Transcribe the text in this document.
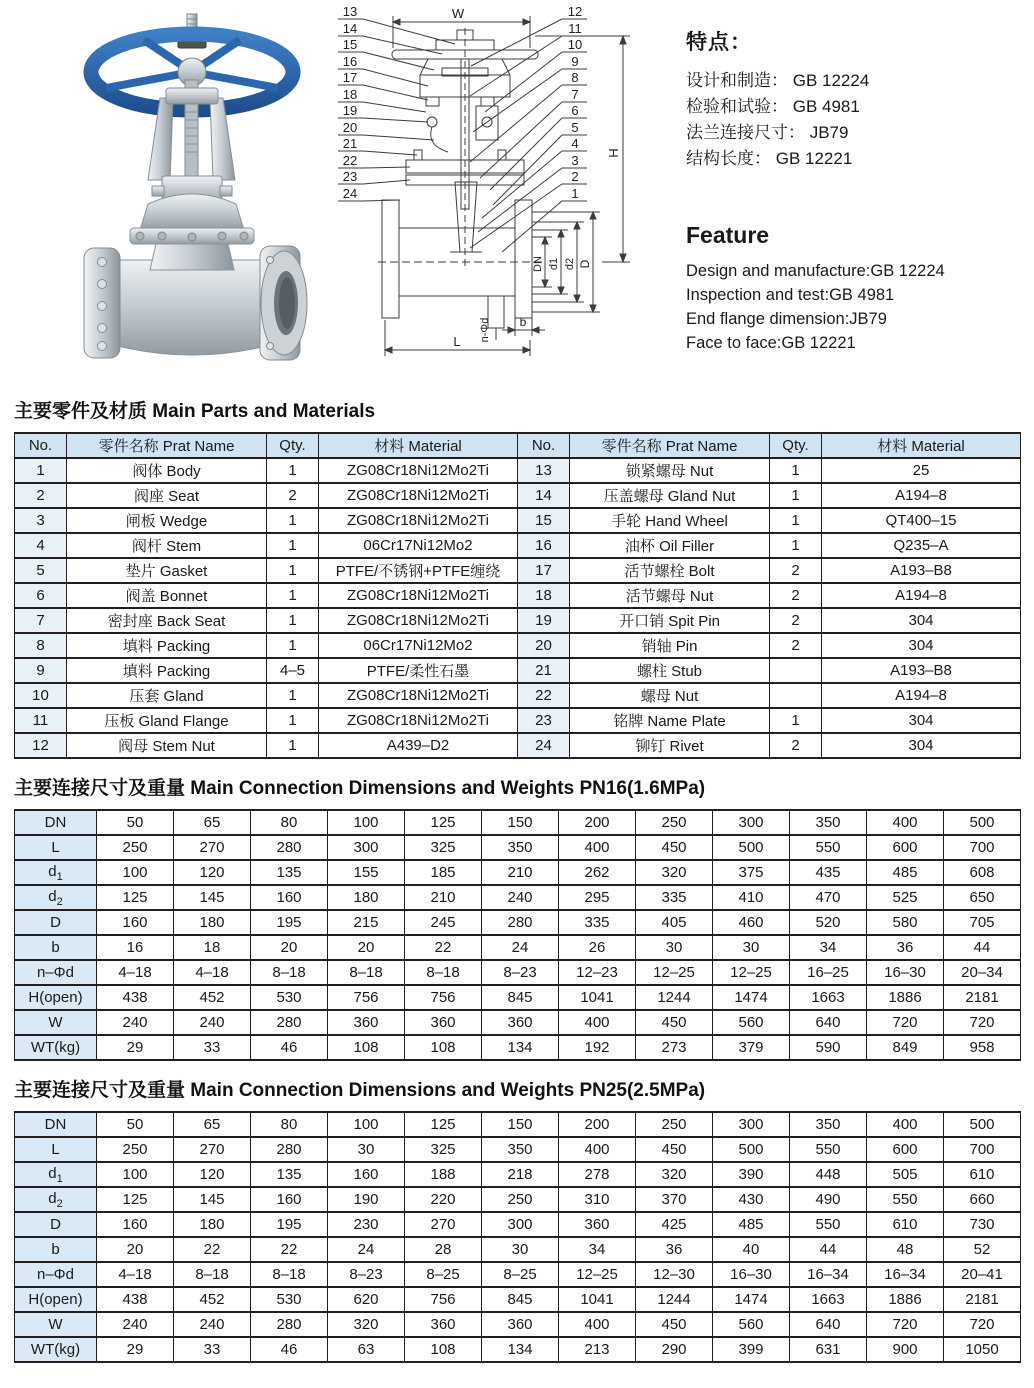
13
14
15
16
17
18
19
20
21
22
23
24
12
11
10
9
8
7
6
5
4
3
2
1
W
H
DN d1 d2 D
n-Φd b
L
特点：
设计和制造： GB 12224
检验和试验： GB 4981
法兰连接尺寸： JB79
结构长度： GB 12221
Feature
Design and manufacture:GB 12224
Inspection and test:GB 4981
End flange dimension:JB79
Face to face:GB 12221
主要零件及材质 Main Parts and Materials
No.	零件名称 Prat Name	Qty.	材料 Material	No.	零件名称 Prat Name	Qty.	材料 Material
1	阀体 Body	1	ZG08Cr18Ni12Mo2Ti	13	锁紧螺母 Nut	1	25
2	阀座 Seat	2	ZG08Cr18Ni12Mo2Ti	14	压盖螺母 Gland Nut	1	A194–8
3	闸板 Wedge	1	ZG08Cr18Ni12Mo2Ti	15	手轮 Hand Wheel	1	QT400–15
4	阀杆 Stem	1	06Cr17Ni12Mo2	16	油杯 Oil Filler	1	Q235–A
5	垫片 Gasket	1	PTFE/不锈钢+PTFE缠绕	17	活节螺栓 Bolt	2	A193–B8
6	阀盖 Bonnet	1	ZG08Cr18Ni12Mo2Ti	18	活节螺母 Nut	2	A194–8
7	密封座 Back Seat	1	ZG08Cr18Ni12Mo2Ti	19	开口销 Spit Pin	2	304
8	填料 Packing	1	06Cr17Ni12Mo2	20	销轴 Pin	2	304
9	填料 Packing	4–5	PTFE/柔性石墨	21	螺柱 Stub		A193–B8
10	压套 Gland	1	ZG08Cr18Ni12Mo2Ti	22	螺母 Nut		A194–8
11	压板 Gland Flange	1	ZG08Cr18Ni12Mo2Ti	23	铭牌 Name Plate	1	304
12	阀母 Stem Nut	1	A439–D2	24	铆钉 Rivet	2	304
主要连接尺寸及重量 Main Connection Dimensions and Weights PN16(1.6MPa)
DN	50	65	80	100	125	150	200	250	300	350	400	500
L	250	270	280	300	325	350	400	450	500	550	600	700
$d_1$	100	120	135	155	185	210	262	320	375	435	485	608
$d_2$	125	145	160	180	210	240	295	335	410	470	525	650
D	160	180	195	215	245	280	335	405	460	520	580	705
b	16	18	20	20	22	24	26	30	30	34	36	44
n–Φd	4–18	4–18	8–18	8–18	8–18	8–23	12–23	12–25	12–25	16–25	16–30	20–34
H(open)	438	452	530	756	756	845	1041	1244	1474	1663	1886	2181
W	240	240	280	360	360	360	400	450	560	640	720	720
WT(kg)	29	33	46	108	108	134	192	273	379	590	849	958
主要连接尺寸及重量 Main Connection Dimensions and Weights PN25(2.5MPa)
DN	50	65	80	100	125	150	200	250	300	350	400	500
L	250	270	280	30	325	350	400	450	500	550	600	700
$d_1$	100	120	135	160	188	218	278	320	390	448	505	610
$d_2$	125	145	160	190	220	250	310	370	430	490	550	660
D	160	180	195	230	270	300	360	425	485	550	610	730
b	20	22	22	24	28	30	34	36	40	44	48	52
n–Φd	4–18	8–18	8–18	8–23	8–25	8–25	12–25	12–30	16–30	16–34	16–34	20–41
H(open)	438	452	530	620	756	845	1041	1244	1474	1663	1886	2181
W	240	240	280	320	360	360	400	450	560	640	720	720
WT(kg)	29	33	46	63	108	134	213	290	399	631	900	1050
